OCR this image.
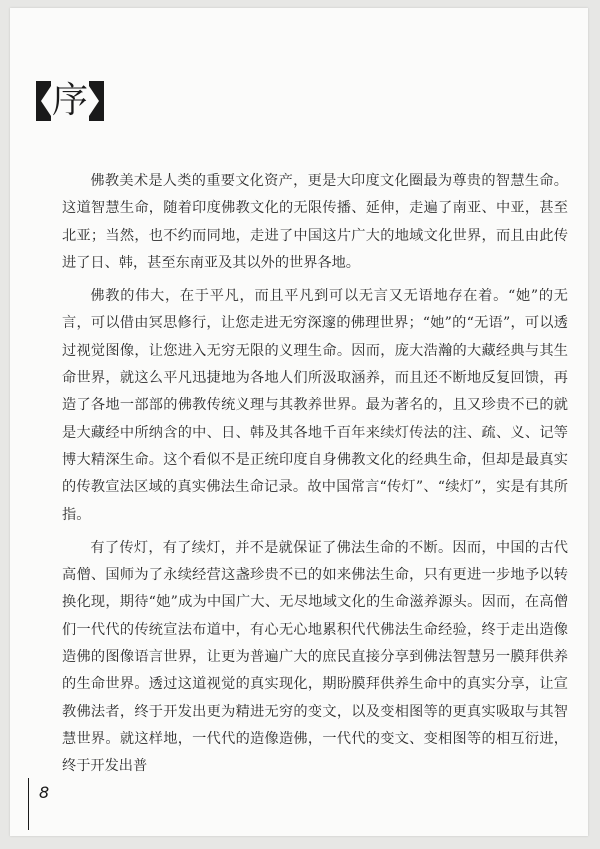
序

佛教美术是人类的重要文化资产，更是大印度文化圈最为尊贵的智慧生命。这道智慧生命，随着印度佛教文化的无限传播、延伸，走遍了南亚、中亚，甚至北亚；当然，也不约而同地，走进了中国这片广大的地域文化世界，而且由此传进了日、韩，甚至东南亚及其以外的世界各地。

佛教的伟大，在于平凡，而且平凡到可以无言又无语地存在着。“她”的无言，可以借由冥思修行，让您走进无穷深邃的佛理世界；“她”的“无语”，可以透过视觉图像，让您进入无穷无限的义理生命。因而，庞大浩瀚的大藏经典与其生命世界，就这么平凡迅捷地为各地人们所汲取涵养，而且还不断地反复回馈，再造了各地一部部的佛教传统义理与其教养世界。最为著名的，且又珍贵不已的就是大藏经中所纳含的中、日、韩及其各地千百年来续灯传法的注、疏、义、记等博大精深生命。这个看似不是正统印度自身佛教文化的经典生命，但却是最真实的传教宣法区域的真实佛法生命记录。故中国常言“传灯”、“续灯”，实是有其所指。

有了传灯，有了续灯，并不是就保证了佛法生命的不断。因而，中国的古代高僧、国师为了永续经营这盏珍贵不已的如来佛法生命，只有更进一步地予以转换化现，期待“她”成为中国广大、无尽地域文化的生命滋养源头。因而，在高僧们一代代的传统宣法布道中，有心无心地累积代代佛法生命经验，终于走出造像造佛的图像语言世界，让更为普遍广大的庶民直接分享到佛法智慧另一膜拜供养的生命世界。透过这道视觉的真实现化，期盼膜拜供养生命中的真实分享，让宣教佛法者，终于开发出更为精进无穷的变文，以及变相图等的更真实吸取与其智慧世界。就这样地，一代代的造像造佛，一代代的变文、变相图等的相互衍进，终于开发出普

8
